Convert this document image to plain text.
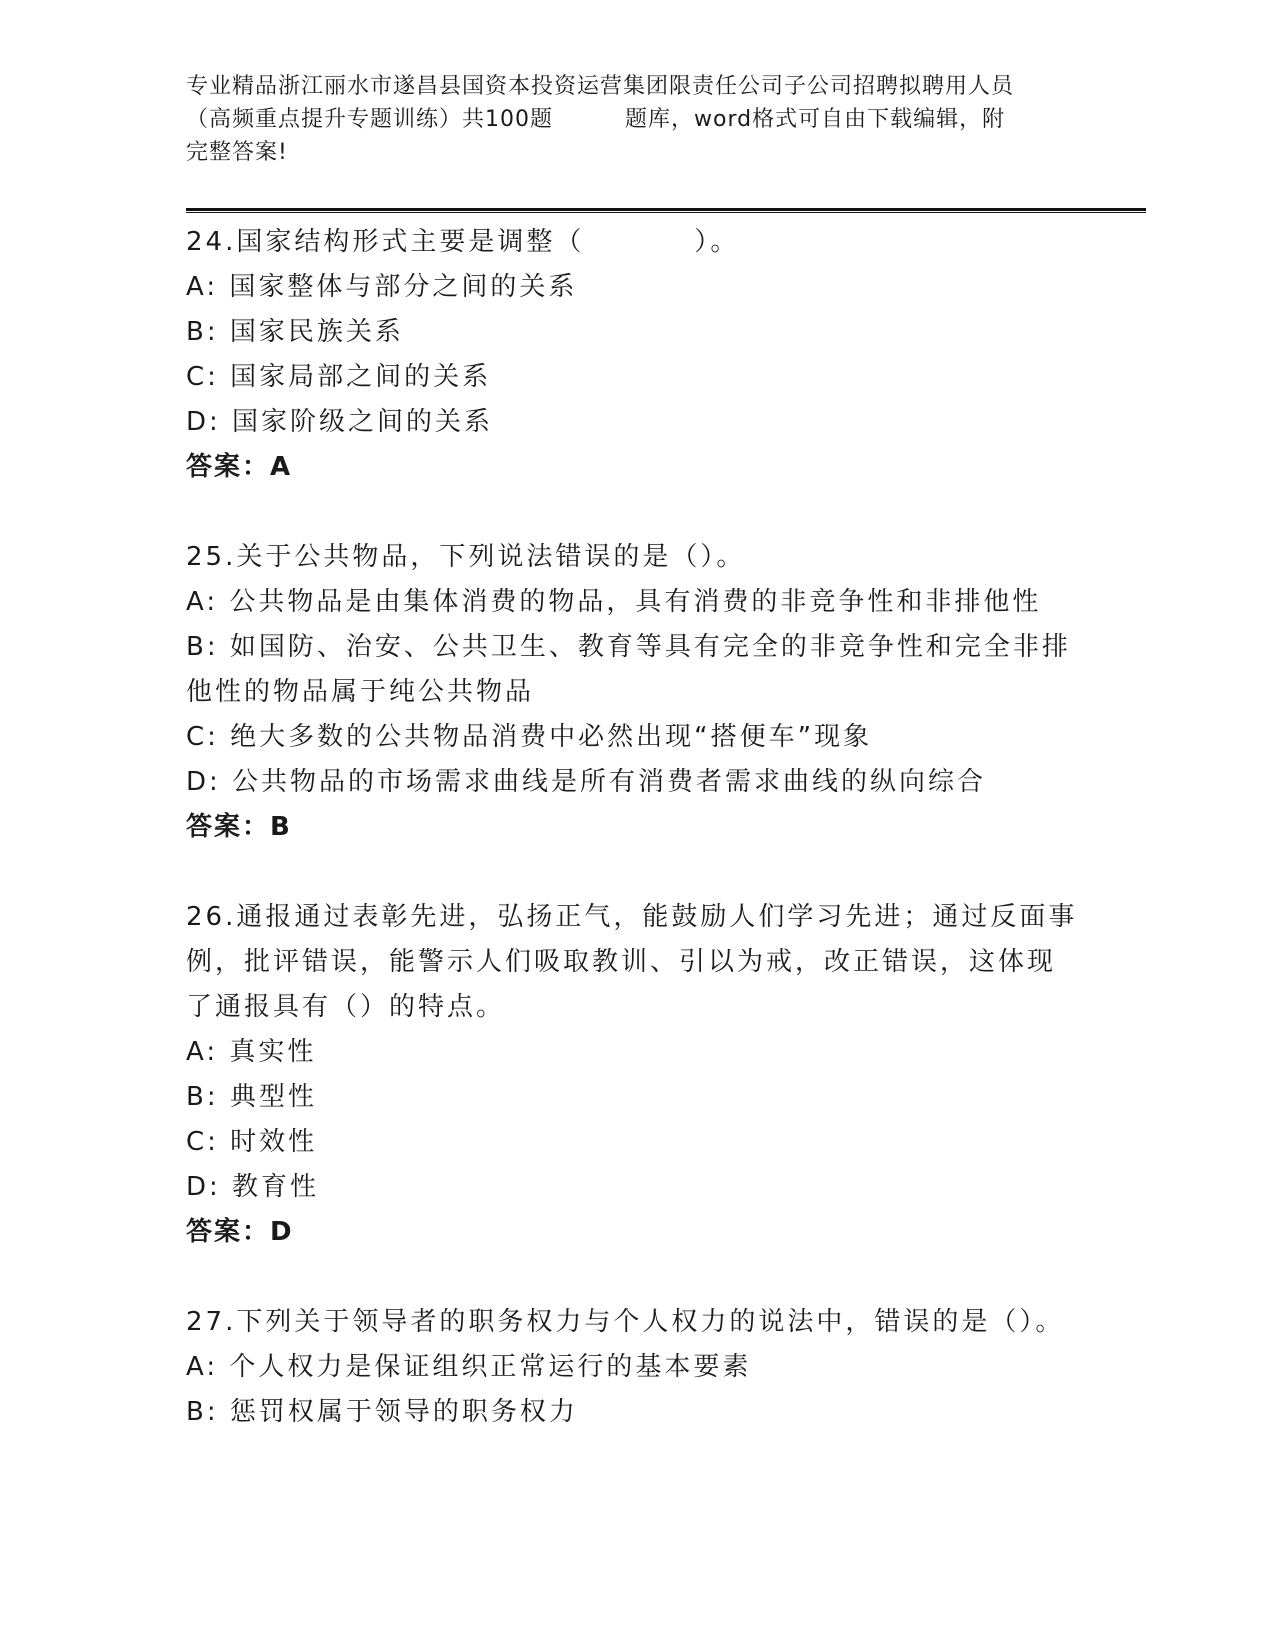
专业精品浙江丽水市遂昌县国资本投资运营集团限责任公司子公司招聘拟聘用人员
（高频重点提升专题训练）共100题	题库，word格式可自由下载编辑，附
完整答案!
24.国家结构形式主要是调整（	）。
A: 国家整体与部分之间的关系
B: 国家民族关系
C: 国家局部之间的关系
D: 国家阶级之间的关系
答案：A
25.关于公共物品，下列说法错误的是（）。
A: 公共物品是由集体消费的物品，具有消费的非竞争性和非排他性
B: 如国防、治安、公共卫生、教育等具有完全的非竞争性和完全非排
他性的物品属于纯公共物品
C: 绝大多数的公共物品消费中必然出现“搭便车”现象
D: 公共物品的市场需求曲线是所有消费者需求曲线的纵向综合
答案：B
26.通报通过表彰先进，弘扬正气，能鼓励人们学习先进；通过反面事
例，批评错误，能警示人们吸取教训、引以为戒，改正错误，这体现
了通报具有（）的特点。
A: 真实性
B: 典型性
C: 时效性
D: 教育性
答案：D
27.下列关于领导者的职务权力与个人权力的说法中，错误的是（）。
A: 个人权力是保证组织正常运行的基本要素
B: 惩罚权属于领导的职务权力
